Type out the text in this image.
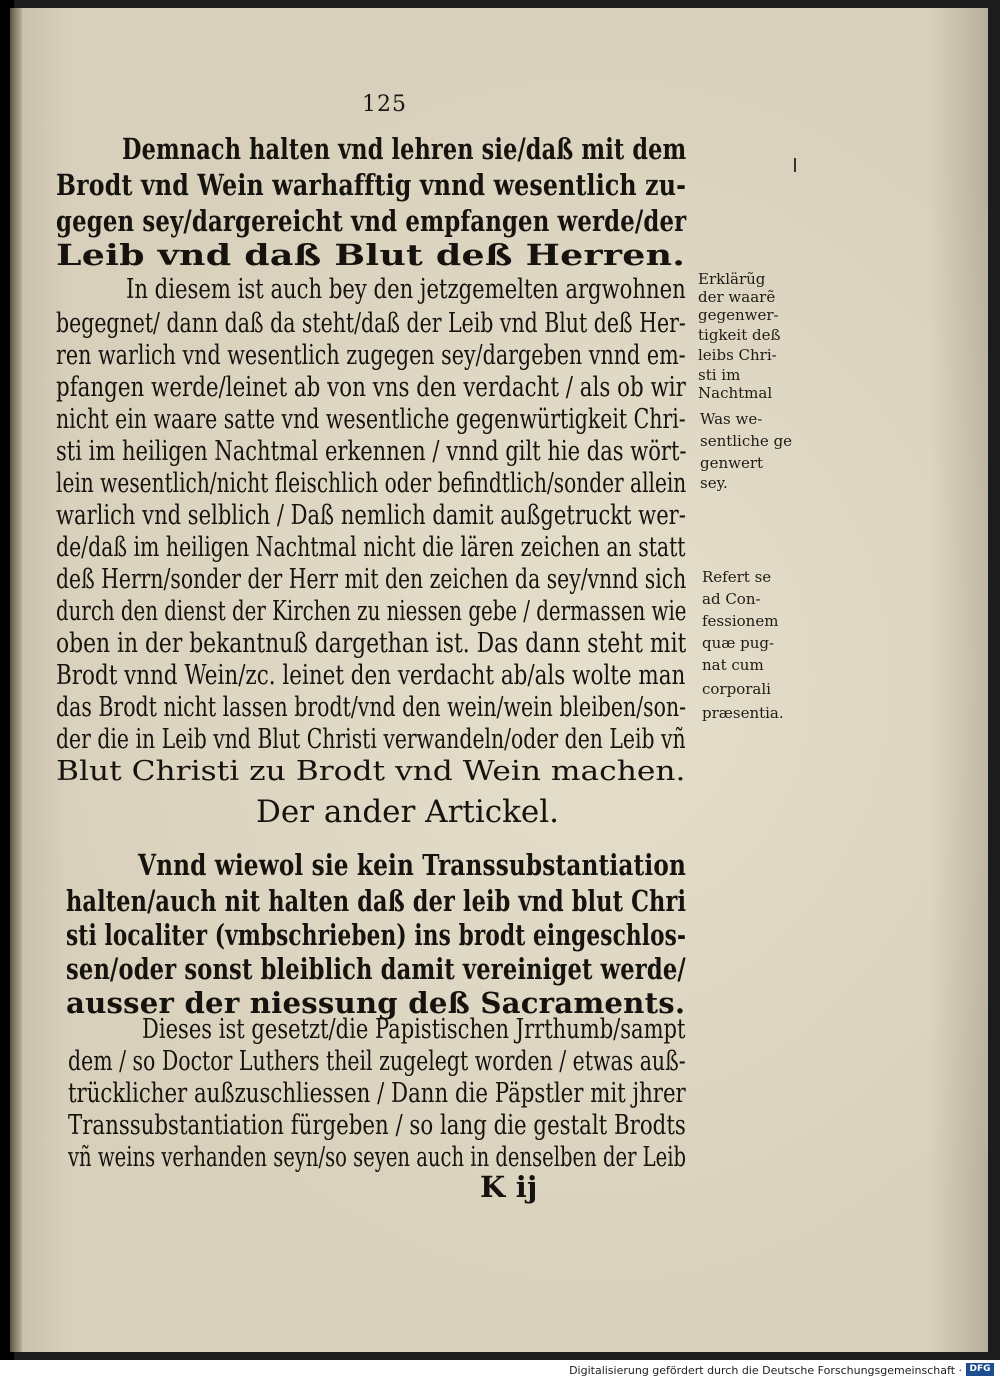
125
Demnach halten vnd lehren sie/daß mit dem
Brodt vnd Wein warhafftig vnnd wesentlich zu-
gegen sey/dargereicht vnd empfangen werde/der
Leib vnd daß Blut deß Herren.
In diesem ist auch bey den jetzgemelten argwohnen
begegnet/ dann daß da steht/daß der Leib vnd Blut deß Her-
ren warlich vnd wesentlich zugegen sey/dargeben vnnd em-
pfangen werde/leinet ab von vns den verdacht / als ob wir
nicht ein waare satte vnd wesentliche gegenwürtigkeit Chri-
sti im heiligen Nachtmal erkennen / vnnd gilt hie das wört-
lein wesentlich/nicht fleischlich oder befindtlich/sonder allein
warlich vnd selblich / Daß nemlich damit außgetruckt wer-
de/daß im heiligen Nachtmal nicht die lären zeichen an statt
deß Herrn/sonder der Herr mit den zeichen da sey/vnnd sich
durch den dienst der Kirchen zu niessen gebe / dermassen wie
oben in der bekantnuß dargethan ist. Das dann steht mit
Brodt vnnd Wein/zc. leinet den verdacht ab/als wolte man
das Brodt nicht lassen brodt/vnd den wein/wein bleiben/son-
der die in Leib vnd Blut Christi verwandeln/oder den Leib vñ
Blut Christi zu Brodt vnd Wein machen.
Der ander Artickel.
Vnnd wiewol sie kein Transsubstantiation
halten/auch nit halten daß der leib vnd blut Chri
sti localiter (vmbschrieben) ins brodt eingeschlos-
sen/oder sonst bleiblich damit vereiniget werde/
ausser der niessung deß Sacraments.
Dieses ist gesetzt/die Papistischen Jrrthumb/sampt
dem / so Doctor Luthers theil zugelegt worden / etwas auß-
trücklicher außzuschliessen / Dann die Päpstler mit jhrer
Transsubstantiation fürgeben / so lang die gestalt Brodts
vñ weins verhanden seyn/so seyen auch in denselben der Leib
K ij
Erklärũg
der waarẽ
gegenwer-
tigkeit deß
leibs Chri-
sti im
Nachtmal
Was we-
sentliche ge
genwert
sey.
Refert se
ad Con-
fessionem
quæ pug-
nat cum
corporali
præsentia.
Digitalisierung gefördert durch die Deutsche Forschungsgemeinschaft · DFG
